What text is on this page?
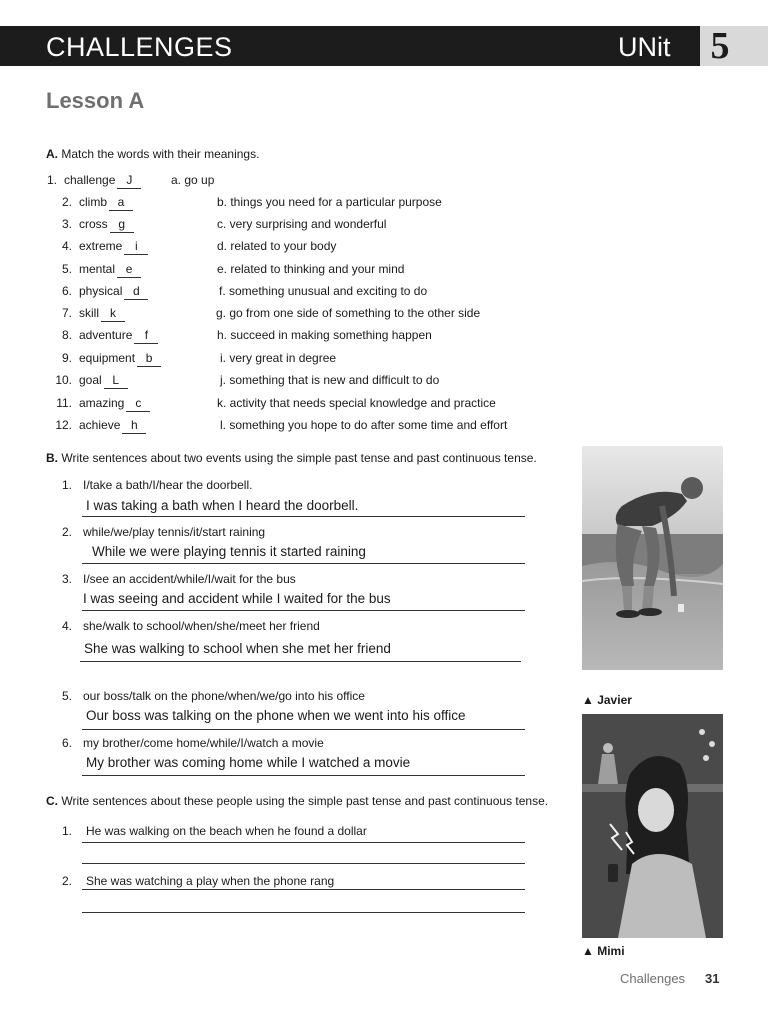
CHALLENGES	UNit 5
Lesson A
A. Match the words with their meanings.
1. challenge J	a. go up
2. climb a	b. things you need for a particular purpose
3. cross g	c. very surprising and wonderful
4. extreme i	d. related to your body
5. mental e	e. related to thinking and your mind
6. physical d	f. something unusual and exciting to do
7. skill k	g. go from one side of something to the other side
8. adventure f	h. succeed in making something happen
9. equipment b	i. very great in degree
10. goal L	j. something that is new and difficult to do
11. amazing c	k. activity that needs special knowledge and practice
12. achieve h	l. something you hope to do after some time and effort
B. Write sentences about two events using the simple past tense and past continuous tense.
1. I/take a bath/I/hear the doorbell.
I was taking a bath when I heard the doorbell.
2. while/we/play tennis/it/start raining
While we were playing tennis it started raining
3. I/see an accident/while/I/wait for the bus
I was seeing and accident while I waited for the bus
4. she/walk to school/when/she/meet her friend
She was walking to school when she met her friend
5. our boss/talk on the phone/when/we/go into his office
Our boss was talking on the phone when we went into his office
6. my brother/come home/while/I/watch a movie
My brother was coming home while I watched a movie
C. Write sentences about these people using the simple past tense and past continuous tense.
1. He was walking on the beach when he found a dollar
2. She was watching a play when the phone rang
▲ Javier
▲ Mimi
Challenges 31
